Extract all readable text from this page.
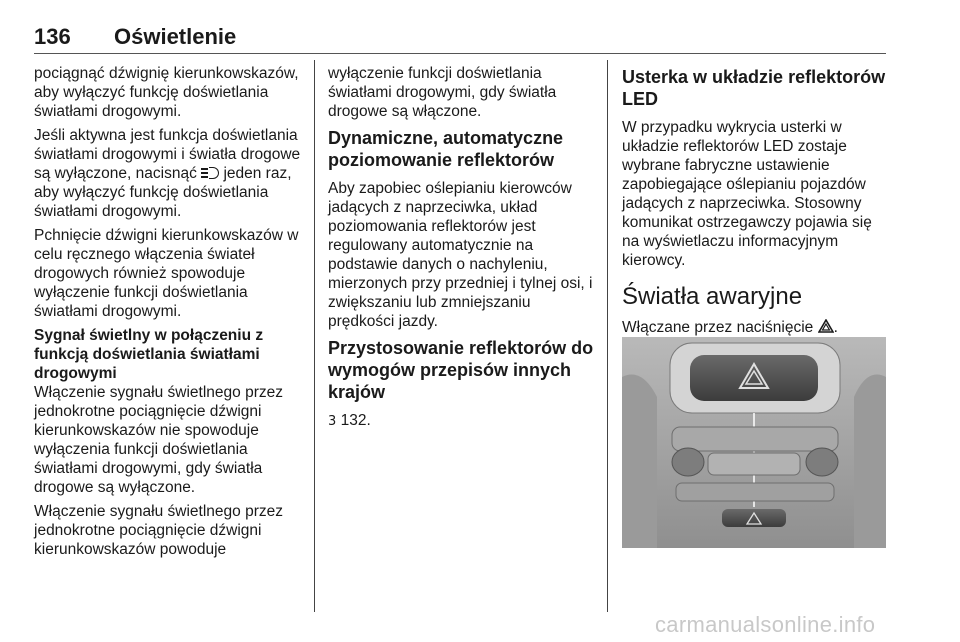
136 Oświetlenie

pociągnąć dźwignię kierunkowskazów, aby wyłączyć funkcję doświetlania światłami drogowymi.

Jeśli aktywna jest funkcja doświetlania światłami drogowymi i światła drogowe są wyłączone, nacisnąć
jeden raz, aby wyłączyć funkcję doświetlania światłami drogowymi.

Pchnięcie dźwigni kierunkowskazów w celu ręcznego włączenia świateł drogowych również spowoduje wyłączenie funkcji doświetlania światłami drogowymi.

Sygnał świetlny w połączeniu z funkcją doświetlania światłami drogowymi

Włączenie sygnału świetlnego przez jednokrotne pociągnięcie dźwigni kierunkowskazów nie spowoduje wyłączenia funkcji doświetlania światłami drogowymi, gdy światła drogowe są wyłączone.

Włączenie sygnału świetlnego przez jednokrotne pociągnięcie dźwigni kierunkowskazów powoduje

wyłączenie funkcji doświetlania światłami drogowymi, gdy światła drogowe są włączone.

Dynamiczne, automatyczne poziomowanie reflektorów

Aby zapobiec oślepianiu kierowców jadących z naprzeciwka, układ poziomowania reflektorów jest regulowany automatycznie na podstawie danych o nachyleniu, mierzonych przy przedniej i tylnej osi, i zwiększaniu lub zmniejszaniu prędkości jazdy.

Przystosowanie reflektorów do wymogów przepisów innych krajów

3 132.

Usterka w układzie reflektorów LED

W przypadku wykrycia usterki w układzie reflektorów LED zostaje wybrane fabryczne ustawienie zapobiegające oślepianiu pojazdów jadących z naprzeciwka. Stosowny komunikat ostrzegawczy pojawia się na wyświetlaczu informacyjnym kierowcy.

Światła awaryjne

Włączane przez naciśnięcie .

carmanualsonline.info
